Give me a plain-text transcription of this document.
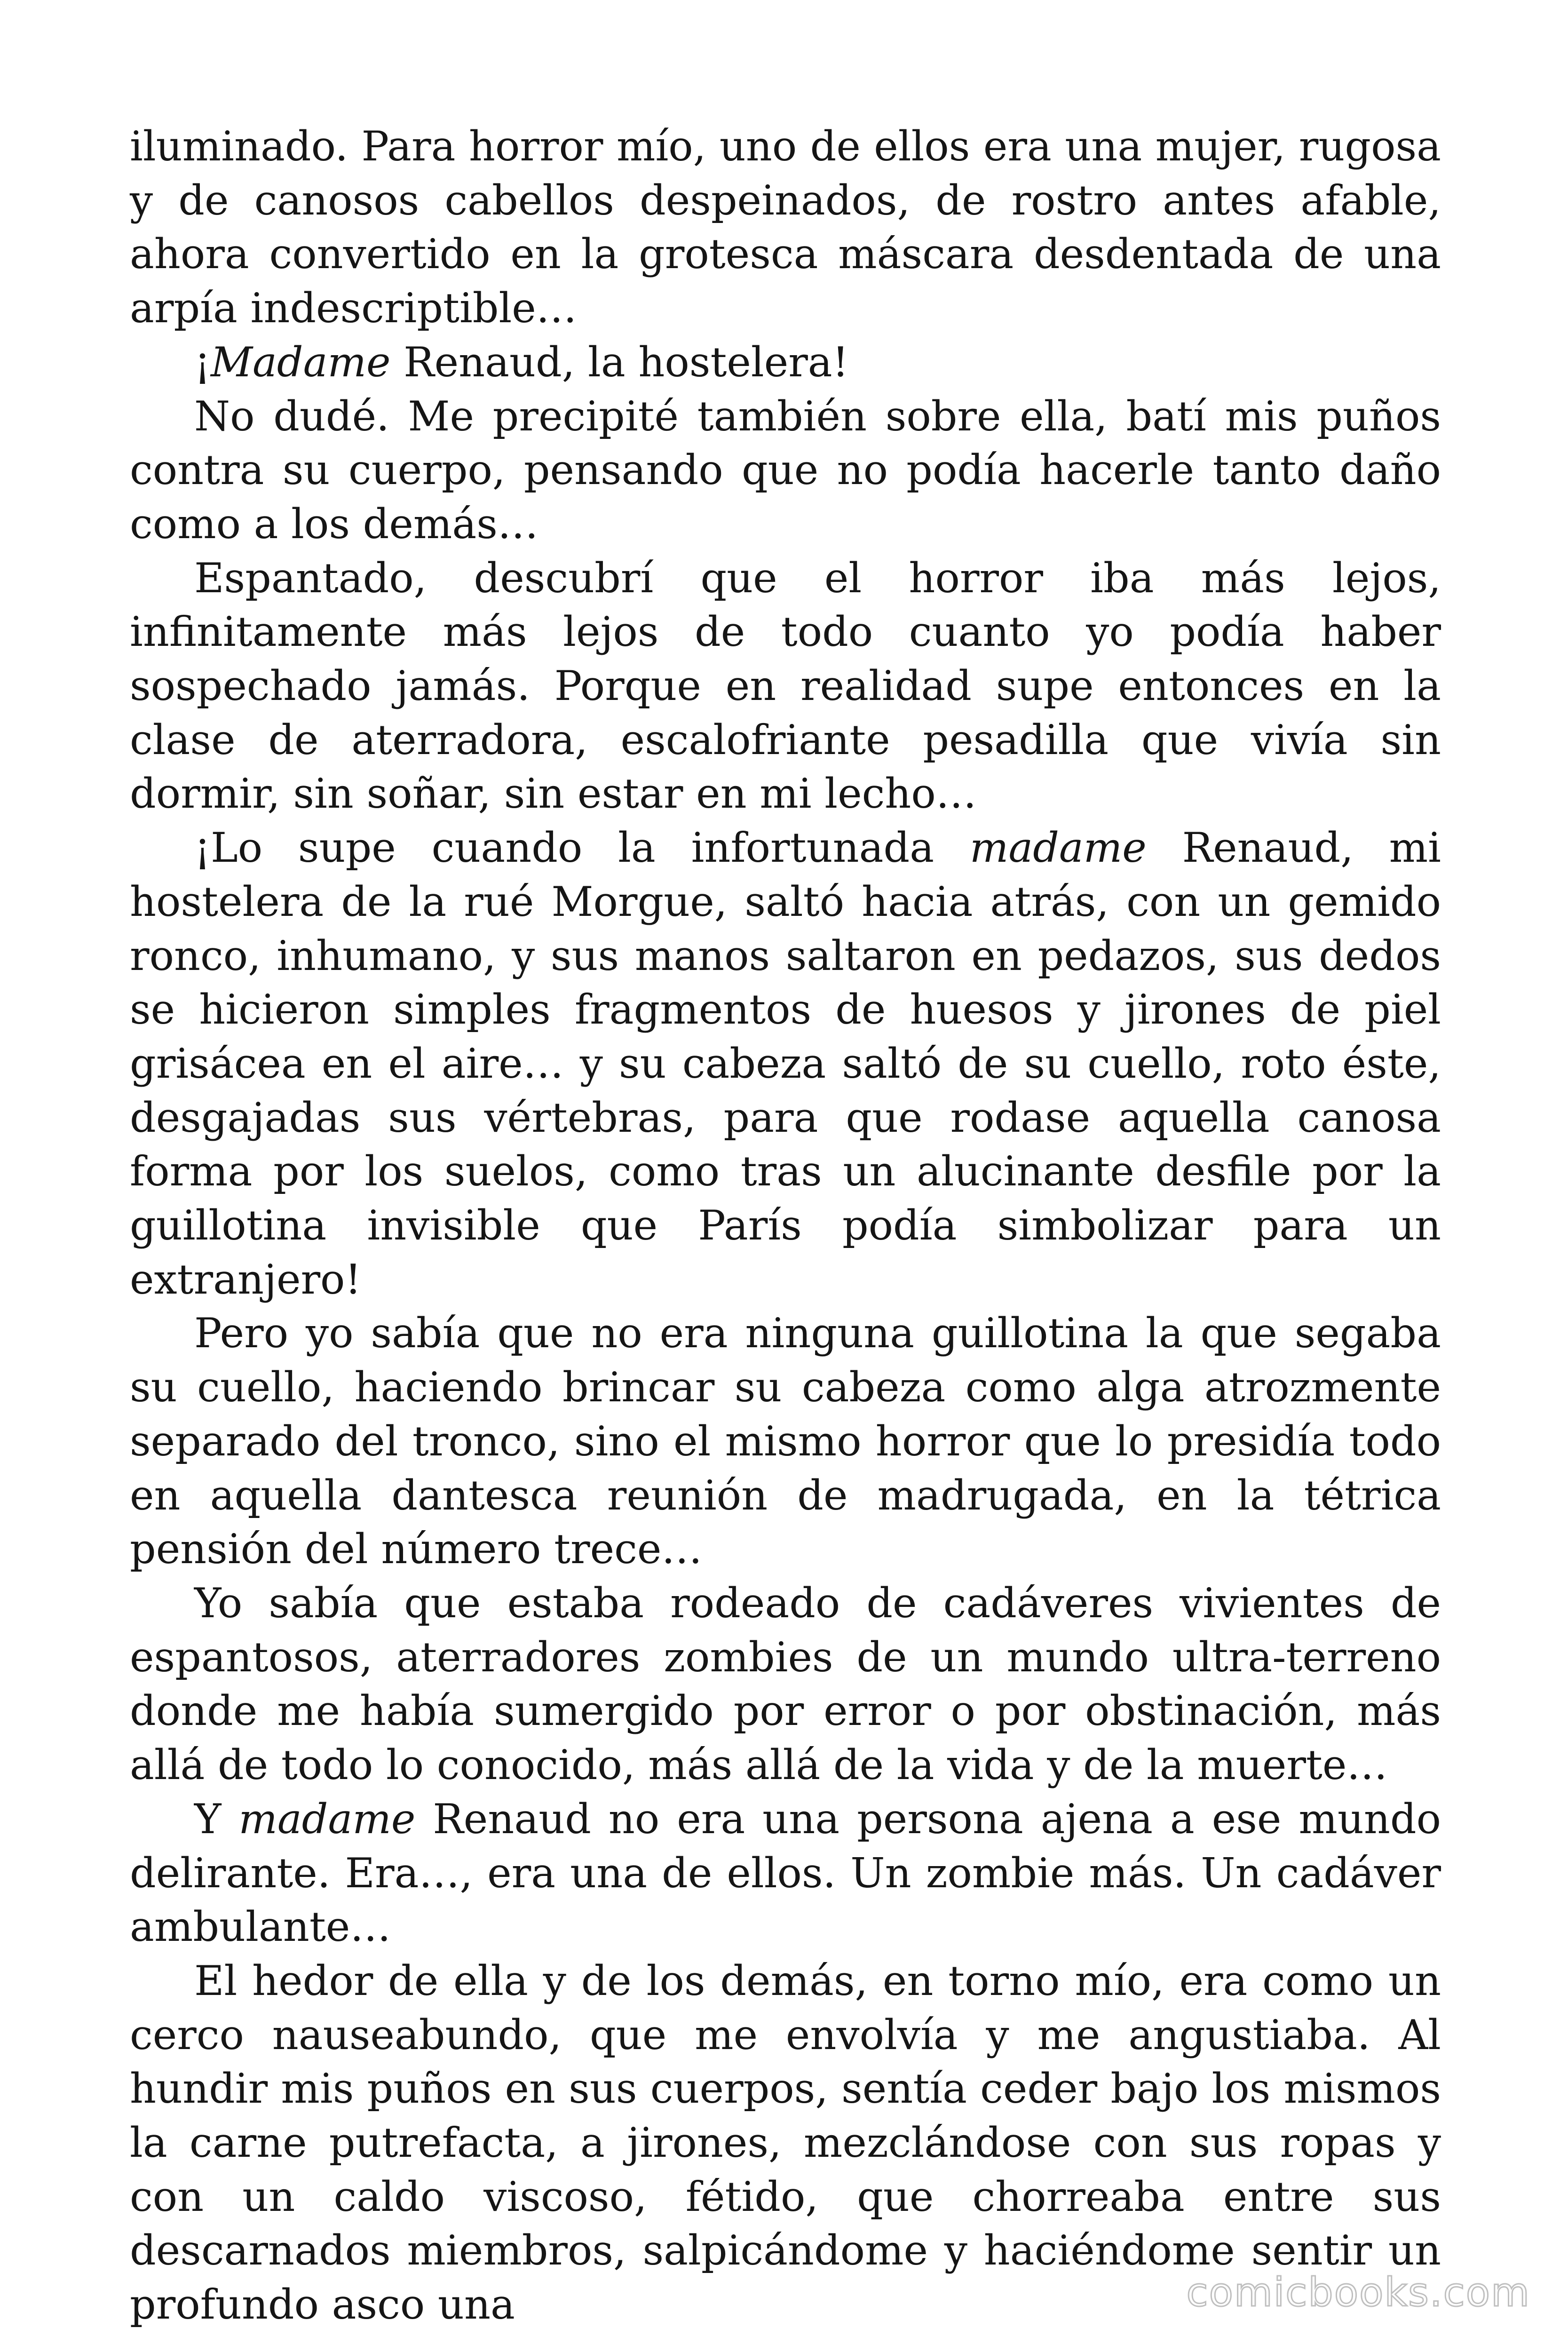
iluminado. Para horror mío, uno de ellos era una mujer, rugosa y de canosos cabellos despeinados, de rostro antes afable, ahora convertido en la grotesca máscara desdentada de una arpía indescriptible…

¡Madame Renaud, la hostelera!

No dudé. Me precipité también sobre ella, batí mis puños contra su cuerpo, pensando que no podía hacerle tanto daño como a los demás…

Espantado, descubrí que el horror iba más lejos, infinitamente más lejos de todo cuanto yo podía haber sospechado jamás. Porque en realidad supe entonces en la clase de aterradora, escalofriante pesadilla que vivía sin dormir, sin soñar, sin estar en mi lecho…

¡Lo supe cuando la infortunada madame Renaud, mi hostelera de la rué Morgue, saltó hacia atrás, con un gemido ronco, inhumano, y sus manos saltaron en pedazos, sus dedos se hicieron simples fragmentos de huesos y jirones de piel grisácea en el aire… y su cabeza saltó de su cuello, roto éste, desgajadas sus vértebras, para que rodase aquella canosa forma por los suelos, como tras un alucinante desfile por la guillotina invisible que París podía simbolizar para un extranjero!

Pero yo sabía que no era ninguna guillotina la que segaba su cuello, haciendo brincar su cabeza como alga atrozmente separado del tronco, sino el mismo horror que lo presidía todo en aquella dantesca reunión de madrugada, en la tétrica pensión del número trece…

Yo sabía que estaba rodeado de cadáveres vivientes de espantosos, aterradores zombies de un mundo ultra-terreno donde me había sumergido por error o por obstinación, más allá de todo lo conocido, más allá de la vida y de la muerte…

Y madame Renaud no era una persona ajena a ese mundo delirante. Era…, era una de ellos. Un zombie más. Un cadáver ambulante…

El hedor de ella y de los demás, en torno mío, era como un cerco nauseabundo, que me envolvía y me angustiaba. Al hundir mis puños en sus cuerpos, sentía ceder bajo los mismos la carne putrefacta, a jirones, mezclándose con sus ropas y con un caldo viscoso, fétido, que chorreaba entre sus descarnados miembros, salpicándome y haciéndome sentir un profundo asco una	comicbooks.com
